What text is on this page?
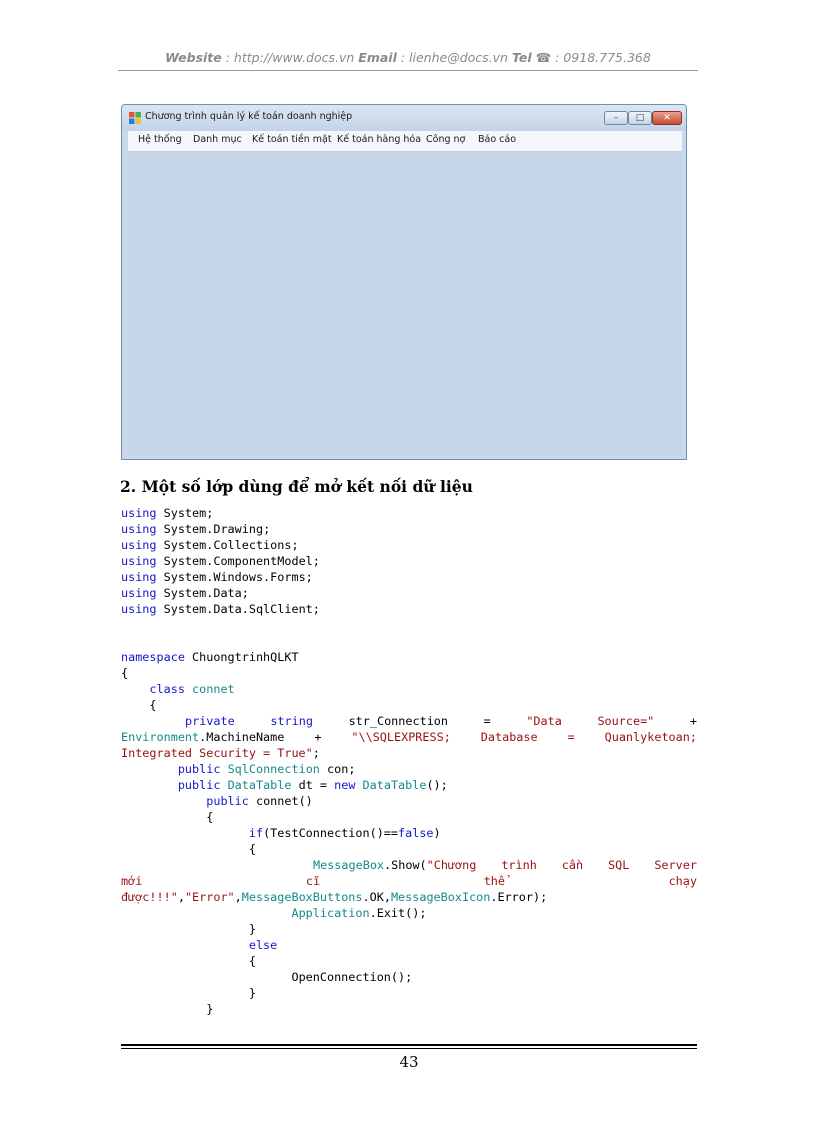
Website : http://www.docs.vn Email : lienhe@docs.vn Tel ☎ : 0918.775.368
Chương trình quản lý kế toán doanh nghiệp	–	□	✕
Hệ thống Danh mục Kế toán tiền mặt Kế toán hàng hóa Công nợ Báo cáo
2. Một số lớp dùng để mở kết nối dữ liệu
using System;
using System.Drawing;
using System.Collections;
using System.ComponentModel;
using System.Windows.Forms;
using System.Data;
using System.Data.SqlClient;
namespace ChuongtrinhQLKT
{
class connet
{
private	string	str_Connection	=	"Data	Source="	+
Environment.MachineName	+	"\\SQLEXPRESS;	Database	=	Quanlyketoan;
Integrated Security = True";
public SqlConnection con;
public DataTable dt = new DataTable();
public connet()
{
if(TestConnection()==false)
{
MessageBox.Show("Chương trình cần SQL Server
mới	cĩ	thể	chạy
được!!!","Error",MessageBoxButtons.OK,MessageBoxIcon.Error);
Application.Exit();
}
else
{
OpenConnection();
}
}
43
